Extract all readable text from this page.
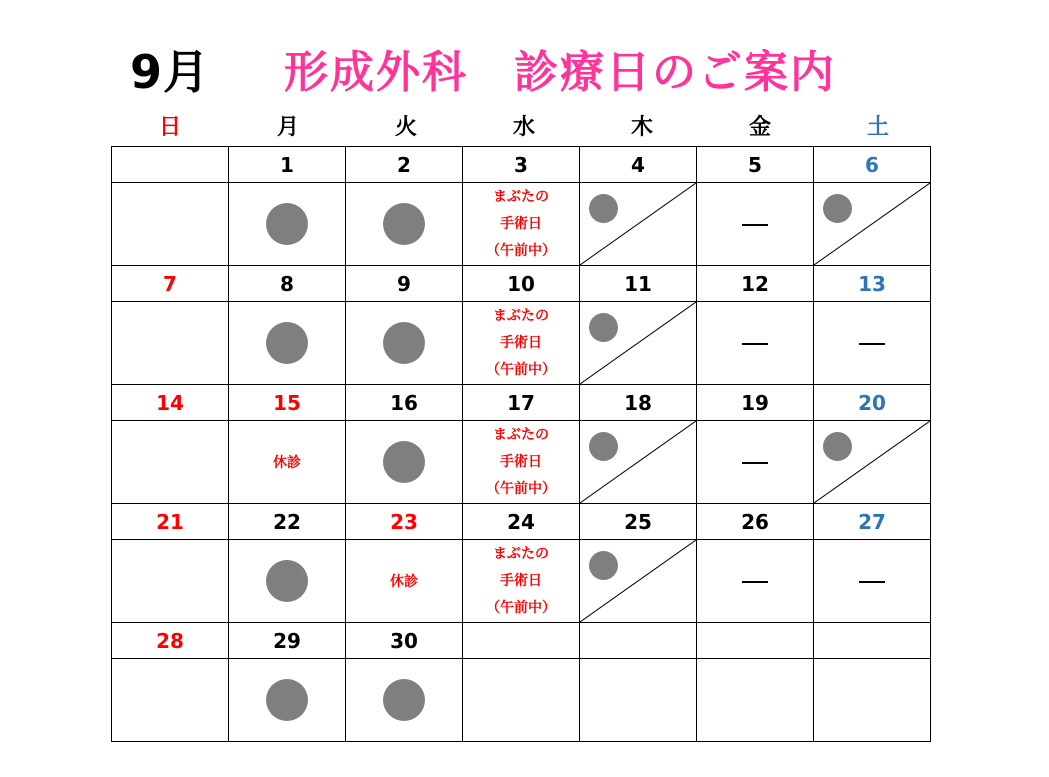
9月 形成外科　診療日のご案内
日	月	火	水	木	金	土
	1	2	3	4	5	6

			まぶたの
手術日
（午前中）

7	8	9	10	11	12	13

			まぶたの
手術日
（午前中）

14	15	16	17	18	19	20
	休診		まぶたの
手術日
（午前中）

21	22	23	24	25	26	27
		休診	まぶたの
手術日
（午前中）

28	29	30				
